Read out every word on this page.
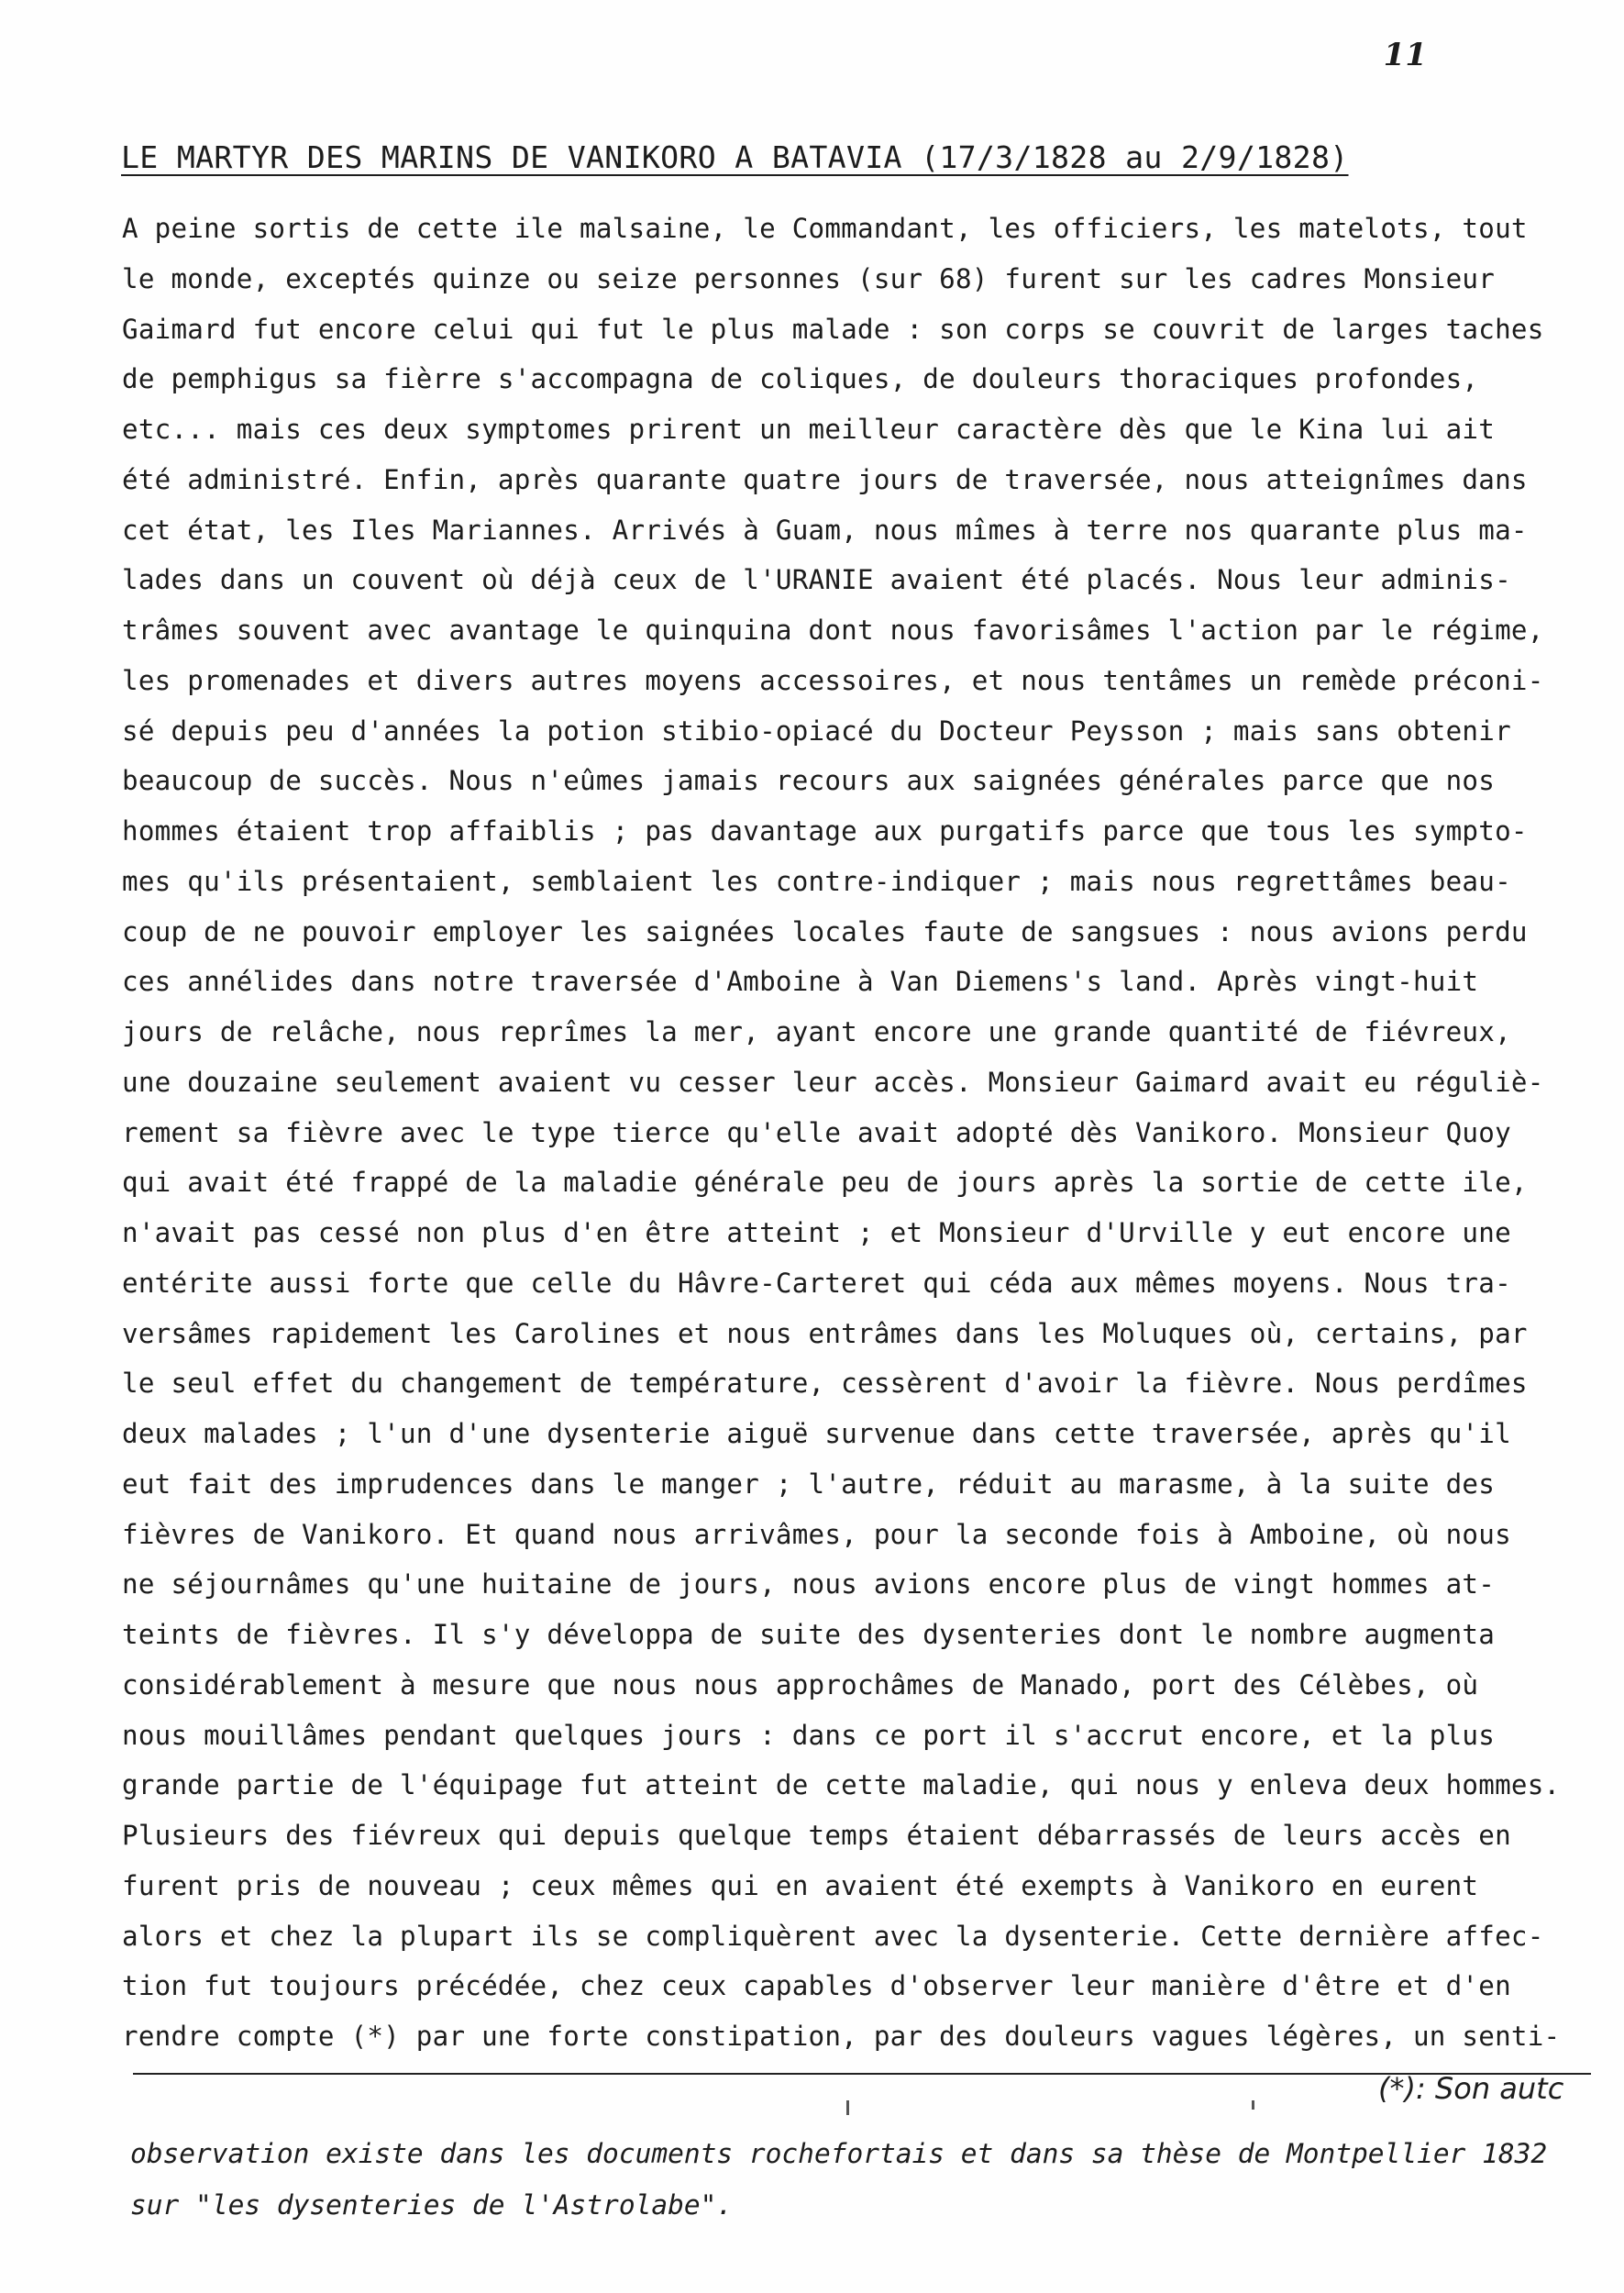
11
LE MARTYR DES MARINS DE VANIKORO A BATAVIA (17/3/1828 au 2/9/1828)
A peine sortis de cette ile malsaine, le Commandant, les officiers, les matelots, tout
le monde, exceptés quinze ou seize personnes (sur 68) furent sur les cadres Monsieur
Gaimard fut encore celui qui fut le plus malade : son corps se couvrit de larges taches
de pemphigus sa fièrre s'accompagna de coliques, de douleurs thoraciques profondes,
etc... mais ces deux symptomes prirent un meilleur caractère dès que le Kina lui ait
été administré. Enfin, après quarante quatre jours de traversée, nous atteignîmes dans
cet état, les Iles Mariannes. Arrivés à Guam, nous mîmes à terre nos quarante plus ma-
lades dans un couvent où déjà ceux de l'URANIE avaient été placés. Nous leur adminis-
trâmes souvent avec avantage le quinquina dont nous favorisâmes l'action par le régime,
les promenades et divers autres moyens accessoires, et nous tentâmes un remède préconi-
sé depuis peu d'années la potion stibio-opiacé du Docteur Peysson ; mais sans obtenir
beaucoup de succès. Nous n'eûmes jamais recours aux saignées générales parce que nos
hommes étaient trop affaiblis ; pas davantage aux purgatifs parce que tous les sympto-
mes qu'ils présentaient, semblaient les contre-indiquer ; mais nous regrettâmes beau-
coup de ne pouvoir employer les saignées locales faute de sangsues : nous avions perdu
ces annélides dans notre traversée d'Amboine à Van Diemens's land. Après vingt-huit
jours de relâche, nous reprîmes la mer, ayant encore une grande quantité de fiévreux,
une douzaine seulement avaient vu cesser leur accès. Monsieur Gaimard avait eu réguliè-
rement sa fièvre avec le type tierce qu'elle avait adopté dès Vanikoro. Monsieur Quoy
qui avait été frappé de la maladie générale peu de jours après la sortie de cette ile,
n'avait pas cessé non plus d'en être atteint ; et Monsieur d'Urville y eut encore une
entérite aussi forte que celle du Hâvre-Carteret qui céda aux mêmes moyens. Nous tra-
versâmes rapidement les Carolines et nous entrâmes dans les Moluques où, certains, par
le seul effet du changement de température, cessèrent d'avoir la fièvre. Nous perdîmes
deux malades ; l'un d'une dysenterie aiguë survenue dans cette traversée, après qu'il
eut fait des imprudences dans le manger ; l'autre, réduit au marasme, à la suite des
fièvres de Vanikoro. Et quand nous arrivâmes, pour la seconde fois à Amboine, où nous
ne séjournâmes qu'une huitaine de jours, nous avions encore plus de vingt hommes at-
teints de fièvres. Il s'y développa de suite des dysenteries dont le nombre augmenta
considérablement à mesure que nous nous approchâmes de Manado, port des Célèbes, où
nous mouillâmes pendant quelques jours : dans ce port il s'accrut encore, et la plus
grande partie de l'équipage fut atteint de cette maladie, qui nous y enleva deux hommes.
Plusieurs des fiévreux qui depuis quelque temps étaient débarrassés de leurs accès en
furent pris de nouveau ; ceux mêmes qui en avaient été exempts à Vanikoro en eurent
alors et chez la plupart ils se compliquèrent avec la dysenterie. Cette dernière affec-
tion fut toujours précédée, chez ceux capables d'observer leur manière d'être et d'en
rendre compte (*) par une forte constipation, par des douleurs vagues légères, un senti-
(*): Son autc
observation existe dans les documents rochefortais et dans sa thèse de Montpellier 1832
sur "les dysenteries de l'Astrolabe".
